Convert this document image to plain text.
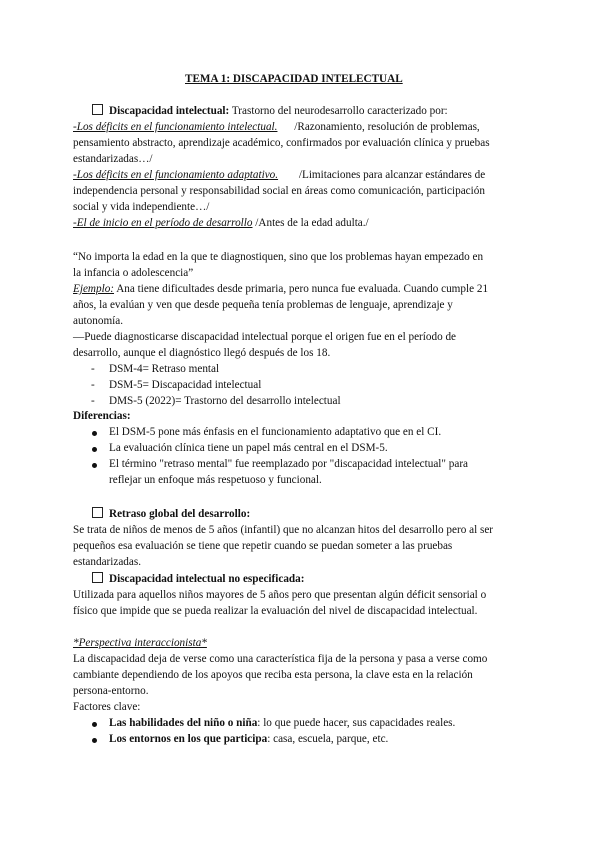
TEMA 1: DISCAPACIDAD INTELECTUAL
Discapacidad intelectual: Trastorno del neurodesarrollo caracterizado por:
-Los déficits en el funcionamiento intelectual. /Razonamiento, resolución de problemas,
pensamiento abstracto, aprendizaje académico, confirmados por evaluación clínica y pruebas
estandarizadas…/
-Los déficits en el funcionamiento adaptativo. /Limitaciones para alcanzar estándares de
independencia personal y responsabilidad social en áreas como comunicación, participación
social y vida independiente…/
-El de inicio en el período de desarrollo /Antes de la edad adulta./
“No importa la edad en la que te diagnostiquen, sino que los problemas hayan empezado en
la infancia o adolescencia”
Ejemplo: Ana tiene dificultades desde primaria, pero nunca fue evaluada. Cuando cumple 21
años, la evalúan y ven que desde pequeña tenía problemas de lenguaje, aprendizaje y
autonomía.
—Puede diagnosticarse discapacidad intelectual porque el origen fue en el período de
desarrollo, aunque el diagnóstico llegó después de los 18.
- DSM-4= Retraso mental
- DSM-5= Discapacidad intelectual
- DMS-5 (2022)= Trastorno del desarrollo intelectual
Diferencias:
El DSM-5 pone más énfasis en el funcionamiento adaptativo que en el CI.
La evaluación clínica tiene un papel más central en el DSM-5.
El término "retraso mental" fue reemplazado por "discapacidad intelectual" para
reflejar un enfoque más respetuoso y funcional.
Retraso global del desarrollo:
Se trata de niños de menos de 5 años (infantil) que no alcanzan hitos del desarrollo pero al ser
pequeños esa evaluación se tiene que repetir cuando se puedan someter a las pruebas
estandarizadas.
Discapacidad intelectual no especificada:
Utilizada para aquellos niños mayores de 5 años pero que presentan algún déficit sensorial o
físico que impide que se pueda realizar la evaluación del nivel de discapacidad intelectual.
*Perspectiva interaccionista*
La discapacidad deja de verse como una característica fija de la persona y pasa a verse como
cambiante dependiendo de los apoyos que reciba esta persona, la clave esta en la relación
persona-entorno.
Factores clave:
Las habilidades del niño o niña: lo que puede hacer, sus capacidades reales.
Los entornos en los que participa: casa, escuela, parque, etc.
